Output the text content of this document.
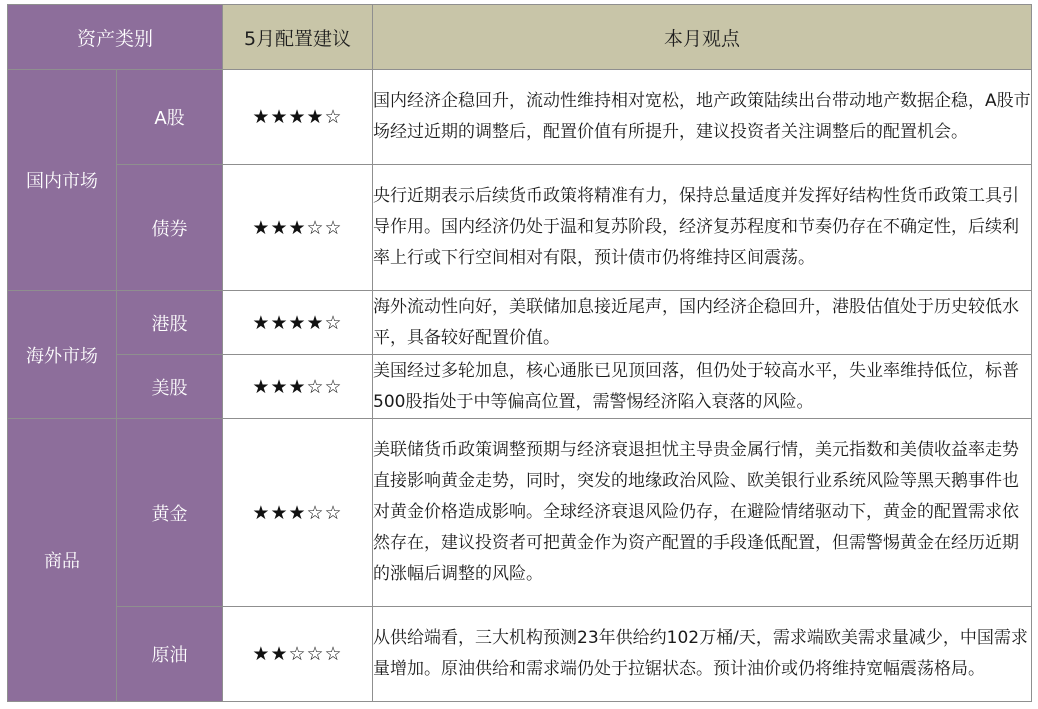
资产类别		5月配置建议	本月观点
国内市场	A股	★★★★☆	国内经济企稳回升，流动性维持相对宽松，地产政策陆续出台带动地产数据企稳，A股市场经过近期的调整后，配置价值有所提升，建议投资者关注调整后的配置机会。
	债券	★★★☆☆	央行近期表示后续货币政策将精准有力，保持总量适度并发挥好结构性货币政策工具引导作用。国内经济仍处于温和复苏阶段，经济复苏程度和节奏仍存在不确定性，后续利率上行或下行空间相对有限，预计债市仍将维持区间震荡。
海外市场	港股	★★★★☆	海外流动性向好，美联储加息接近尾声，国内经济企稳回升，港股估值处于历史较低水平，具备较好配置价值。
	美股	★★★☆☆	美国经过多轮加息，核心通胀已见顶回落，但仍处于较高水平，失业率维持低位，标普500股指处于中等偏高位置，需警惕经济陷入衰落的风险。
商品	黄金	★★★☆☆	美联储货币政策调整预期与经济衰退担忧主导贵金属行情，美元指数和美债收益率走势直接影响黄金走势，同时，突发的地缘政治风险、欧美银行业系统风险等黑天鹅事件也对黄金价格造成影响。全球经济衰退风险仍存，在避险情绪驱动下，黄金的配置需求依然存在，建议投资者可把黄金作为资产配置的手段逢低配置，但需警惕黄金在经历近期的涨幅后调整的风险。
	原油	★★☆☆☆	从供给端看，三大机构预测23年供给约102万桶/天，需求端欧美需求量减少，中国需求量增加。原油供给和需求端仍处于拉锯状态。预计油价或仍将维持宽幅震荡格局。
